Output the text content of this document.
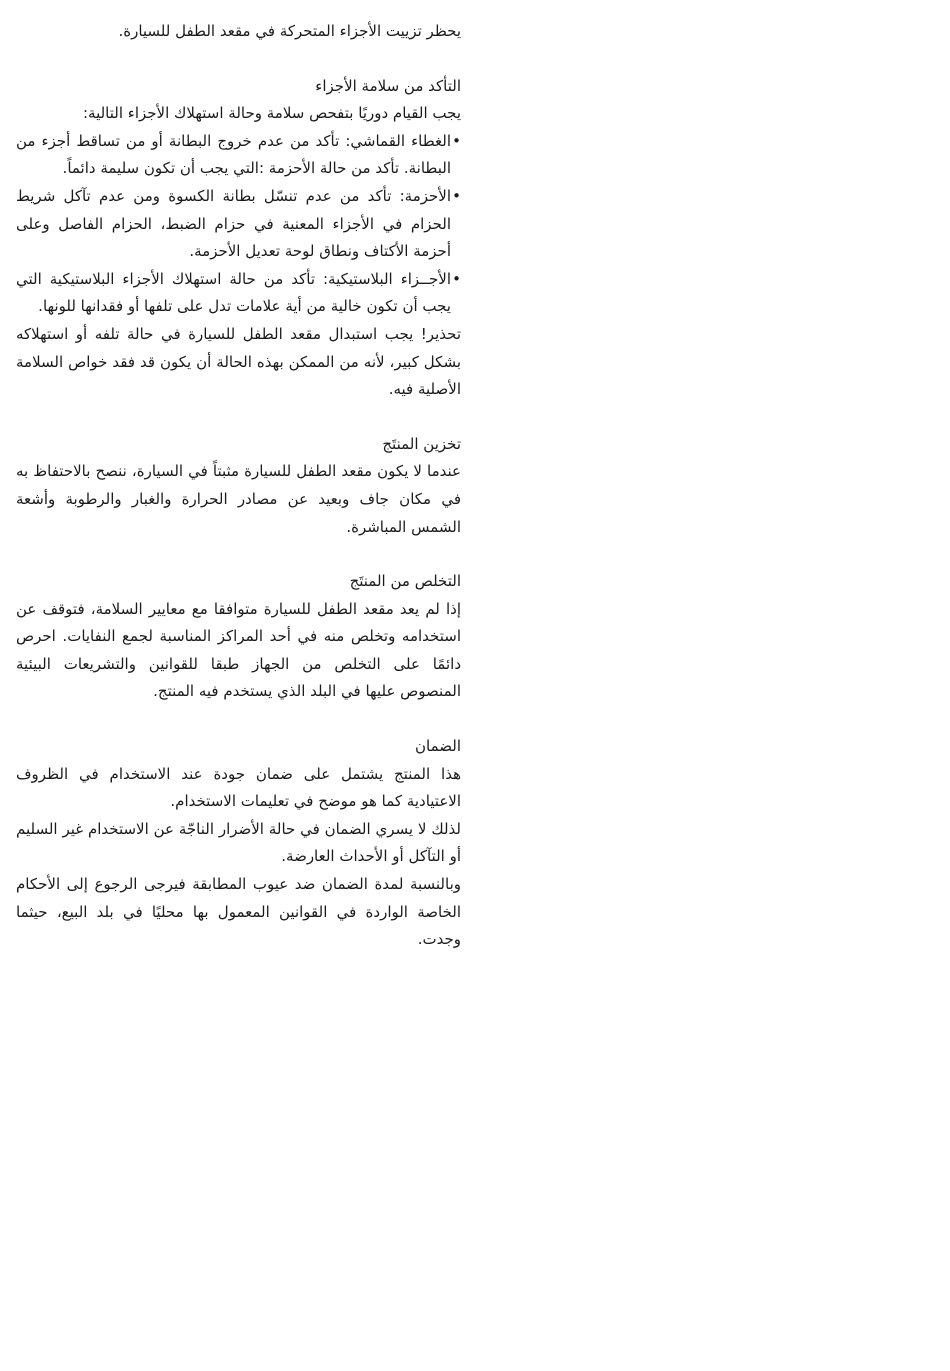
يحظر تزييت الأجزاء المتحركة في مقعد الطفل للسيارة.

التأكد من سلامة الأجزاء

يجب القيام دوريًا بتفحص سلامة وحالة استهلاك الأجزاء التالية:

•
الغطاء القماشي: تأكد من عدم خروج البطانة أو من تساقط أجزء من البطانة. تأكد من حالة الأحزمة :التي يجب أن تكون سليمة دائماً.
•
الأحزمة: تأكد من عدم تنسّل بطانة الكسوة ومن عدم تآكل شريط الحزام في الأجزاء المعنية في حزام الضبط، الحزام الفاصل وعلى أحزمة الأكتاف ونطاق لوحة تعديل الأحزمة.
•
الأجــزاء البلاستيكية: تأكد من حالة استهلاك الأجزاء البلاستيكية التي يجب أن تكون خالية من أية علامات تدل على تلفها أو فقدانها للونها.

تحذير! يجب استبدال مقعد الطفل للسيارة في حالة تلفه أو استهلاكه بشكل كبير، لأنه من الممكن بهذه الحالة أن يكون قد فقد خواص السلامة الأصلية فيه.

تخزين المنتَج

عندما لا يكون مقعد الطفل للسيارة مثبتاً في السيارة، ننصح بالاحتفاظ به في مكان جاف وبعيد عن مصادر الحرارة والغبار والرطوبة وأشعة الشمس المباشرة.

التخلص من المنتَج

إذا لم يعد مقعد الطفل للسيارة متوافقا مع معايير السلامة، فتوقف عن استخدامه وتخلص منه في أحد المراكز المناسبة لجمع النفايات. احرص دائمًا على التخلص من الجهاز طبقا للقوانين والتشريعات البيئية المنصوص عليها في البلد الذي يستخدم فيه المنتج.

الضمان

هذا المنتج يشتمل على ضمان جودة عند الاستخدام في الظروف الاعتيادية كما هو موضح في تعليمات الاستخدام.

لذلك لا يسري الضمان في حالة الأضرار الناجّة عن الاستخدام غير السليم أو التآكل أو الأحداث العارضة.

وبالنسبة لمدة الضمان ضد عيوب المطابقة فيرجى الرجوع إلى الأحكام الخاصة الواردة في القوانين المعمول بها محليًا في بلد البيع، حيثما وجدت.
